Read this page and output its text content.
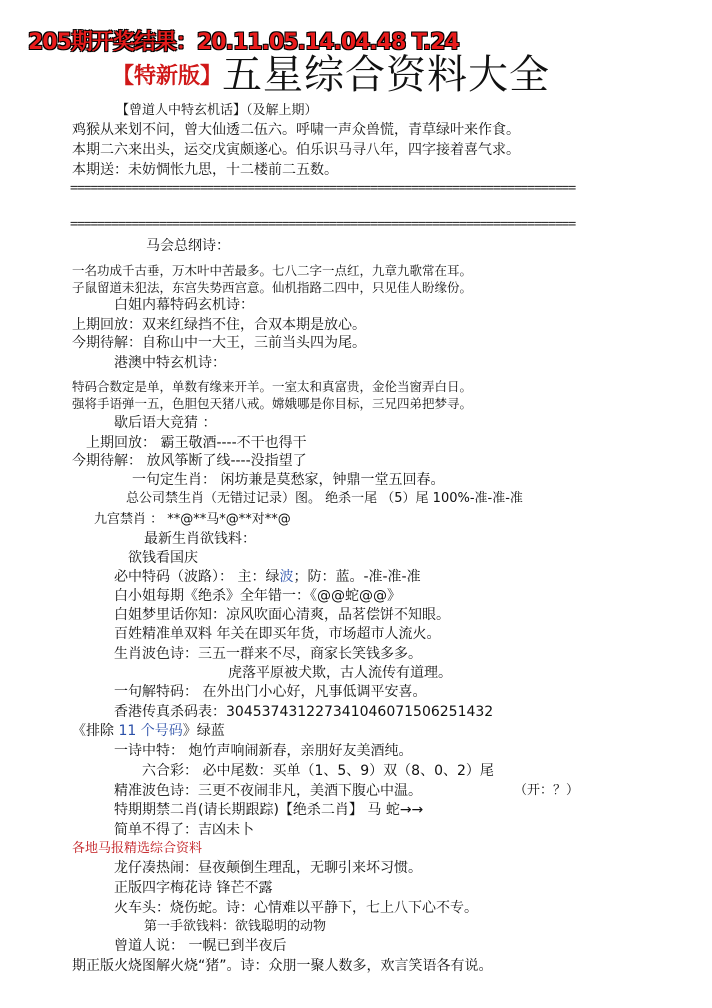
205期开奖结果：20.11.05.14.04.48 T.24
【特新版】 五星综合资料大全
【曾道人中特玄机话】（及解上期）
鸡猴从来划不问，曾大仙透二伍六。呼啸一声众兽慌，青草绿叶来作食。
本期二六来出头，运交戊寅颇遂心。伯乐识马寻八年，四字接着喜气求。
本期送：未妨惆怅九思，十二楼前二五数。
==========================================================================
==========================================================================
马会总纲诗：
一名功成千古垂，万木叶中苦最多。七八二字一点红，九章九歌常在耳。
子鼠留道未犯法，东宫失势西宫意。仙机指路二四中，只见佳人盼缘份。
白姐内幕特码玄机诗：
上期回放：双来红绿挡不住，合双本期是放心。
今期待解：自称山中一大王，三前当头四为尾。
港澳中特玄机诗：
特码合数定是单，单数有缘来开羊。一室太和真富贵，金伦当窗弄白日。
强将手语弹一五，色胆包天猪八戒。嫦娥哪是你目标，三兄四弟把梦寻。
歇后语大竞猜 ：
上期回放： 霸王敬酒----不干也得干
今期待解： 放风筝断了线----没指望了
一句定生肖： 闲坊兼是莫愁家，钟鼎一堂五回春。
总公司禁生肖（无错过记录）图。 绝杀一尾 （5）尾 100%-准-准-准
九宫禁肖 ： **@**马*@**对**@
最新生肖欲钱料：
欲钱看国庆
必中特码（波路）： 主：绿波；防：蓝。-准-准-准
白小姐每期《绝杀》全年错一：《@@蛇@@》
白姐梦里话你知：凉风吹面心清爽，品茗偿饼不知眼。
百姓精准单双料 年关在即买年货，市场超市人流火。
生肖波色诗：三五一群来不尽，商家长笑钱多多。
虎落平原被犬欺，古人流传有道理。
一句解特码： 在外出门小心好，凡事低调平安喜。
香港传真杀码表：3045374312273410460715062​51432
《排除 11 个号码》绿蓝
一诗中特： 炮竹声响闹新春，亲朋好友美酒纯。
六合彩： 必中尾数：买单（1、5、9）双（8、0、2）尾
精准波色诗：三更不夜闹非凡，美酒下腹心中温。	（开：？）
特期期禁二肖(请长期跟踪)【绝杀二肖】 马 蛇→→
简单不得了：吉凶未卜
各地马报精选综合资料
龙仔凑热闹：昼夜颠倒生理乱，无聊引来坏习惯。
正版四字梅花诗 锋芒不露
火车头：烧伤蛇。诗：心情难以平静下，七上八下心不专。
第一手欲钱料：欲钱聪明的动物
曾道人说： 一幌已到半夜后
期正版火烧图解火烧“猪”。诗：众朋一聚人数多，欢言笑语各有说。
